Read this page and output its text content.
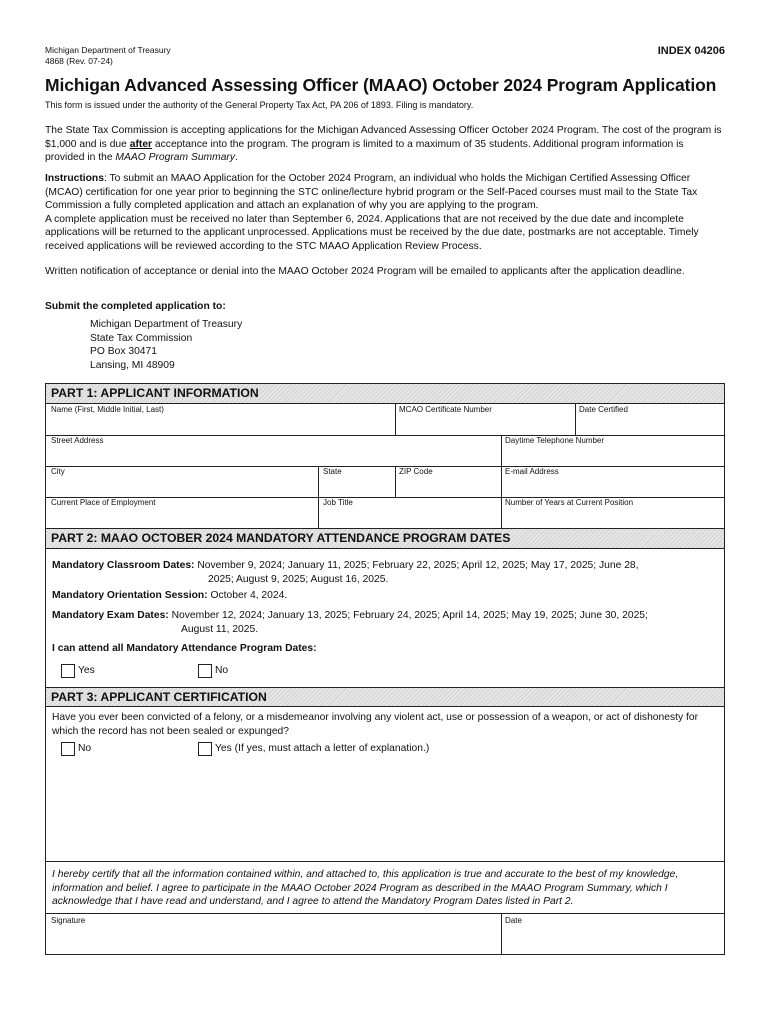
Michigan Department of Treasury
4868 (Rev. 07-24)
INDEX 04206
Michigan Advanced Assessing Officer (MAAO) October 2024 Program Application
This form is issued under the authority of the General Property Tax Act, PA 206 of 1893. Filing is mandatory.
The State Tax Commission is accepting applications for the Michigan Advanced Assessing Officer October 2024 Program. The cost of the program is $1,000 and is due after acceptance into the program. The program is limited to a maximum of 35 students. Additional program information is provided in the MAAO Program Summary.
Instructions: To submit an MAAO Application for the October 2024 Program, an individual who holds the Michigan Certified Assessing Officer (MCAO) certification for one year prior to beginning the STC online/lecture hybrid program or the Self-Paced courses must mail to the State Tax Commission a fully completed application and attach an explanation of why you are applying to the program.
A complete application must be received no later than September 6, 2024. Applications that are not received by the due date and incomplete applications will be returned to the applicant unprocessed. Applications must be received by the due date, postmarks are not acceptable. Timely received applications will be reviewed according to the STC MAAO Application Review Process.
Written notification of acceptance or denial into the MAAO October 2024 Program will be emailed to applicants after the application deadline.
Submit the completed application to:
Michigan Department of Treasury
State Tax Commission
PO Box 30471
Lansing, MI 48909
PART 1: APPLICANT INFORMATION
Name (First, Middle Initial, Last)	MCAO Certificate Number	Date Certified
Street Address	Daytime Telephone Number
City	State	ZIP Code	E-mail Address
Current Place of Employment	Job Title	Number of Years at Current Position
PART 2: MAAO OCTOBER 2024 MANDATORY ATTENDANCE PROGRAM DATES
Mandatory Classroom Dates: November 9, 2024; January 11, 2025; February 22, 2025; April 12, 2025; May 17, 2025; June 28,
2025; August 9, 2025; August 16, 2025.
Mandatory Orientation Session: October 4, 2024.
Mandatory Exam Dates: November 12, 2024; January 13, 2025; February 24, 2025; April 14, 2025; May 19, 2025; June 30, 2025;
August 11, 2025.
I can attend all Mandatory Attendance Program Dates:
Yes	No
PART 3: APPLICANT CERTIFICATION
Have you ever been convicted of a felony, or a misdemeanor involving any violent act, use or possession of a weapon, or act of dishonesty for which the record has not been sealed or expunged?
No	Yes (If yes, must attach a letter of explanation.)
I hereby certify that all the information contained within, and attached to, this application is true and accurate to the best of my knowledge, information and belief. I agree to participate in the MAAO October 2024 Program as described in the MAAO Program Summary, which I acknowledge that I have read and understand, and I agree to attend the Mandatory Program Dates listed in Part 2.
Signature	Date
